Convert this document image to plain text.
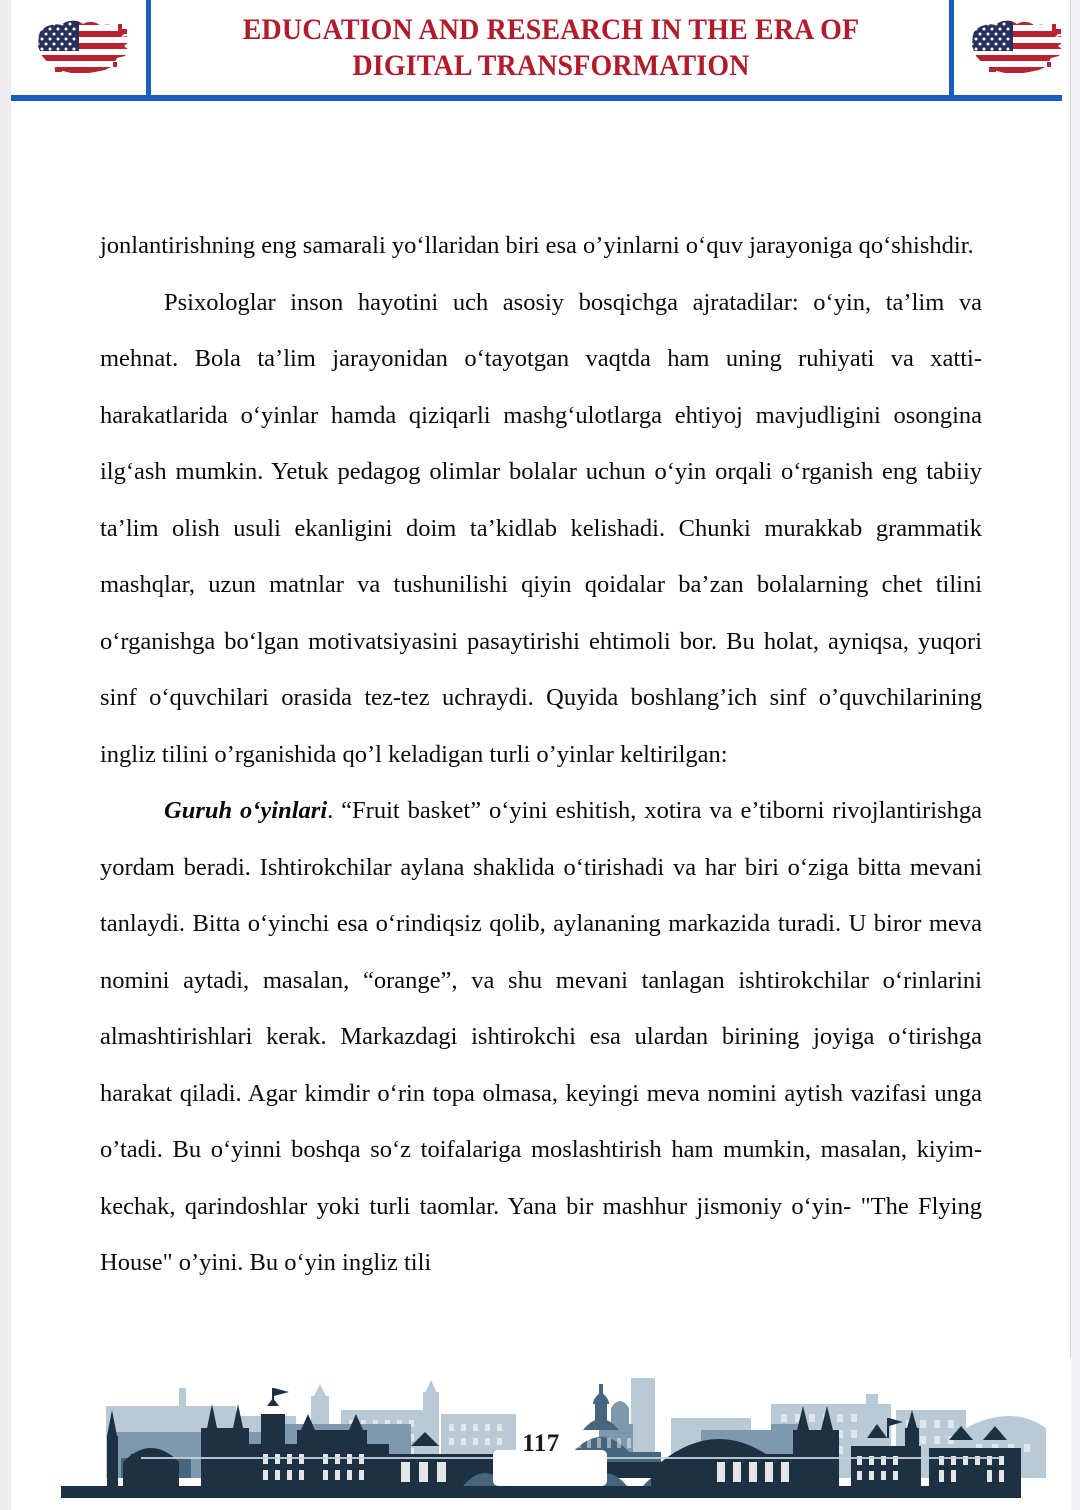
EDUCATION AND RESEARCH IN THE ERA OF
DIGITAL TRANSFORMATION

jonlantirishning eng samarali yo‘llaridan biri esa o’yinlarni o‘quv jarayoniga qo‘shishdir.

Psixologlar inson hayotini uch asosiy bosqichga ajratadilar: o‘yin, ta’lim va mehnat. Bola ta’lim jarayonidan o‘tayotgan vaqtda ham uning ruhiyati va xatti-harakatlarida o‘yinlar hamda qiziqarli mashg‘ulotlarga ehtiyoj mavjudligini osongina ilg‘ash mumkin. Yetuk pedagog olimlar bolalar uchun o‘yin orqali o‘rganish eng tabiiy ta’lim olish usuli ekanligini doim ta’kidlab kelishadi. Chunki murakkab grammatik mashqlar, uzun matnlar va tushunilishi qiyin qoidalar ba’zan bolalarning chet tilini o‘rganishga bo‘lgan motivatsiyasini pasaytirishi ehtimoli bor. Bu holat, ayniqsa, yuqori sinf o‘quvchilari orasida tez-tez uchraydi. Quyida boshlang’ich sinf o’quvchilarining ingliz tilini o’rganishida qo’l keladigan turli o’yinlar keltirilgan:

Guruh o‘yinlari. “Fruit basket” o‘yini eshitish, xotira va e’tiborni rivojlantirishga yordam beradi. Ishtirokchilar aylana shaklida o‘tirishadi va har biri o‘ziga bitta mevani tanlaydi. Bitta o‘yinchi esa o‘rindiqsiz qolib, aylananing markazida turadi. U biror meva nomini aytadi, masalan, “orange”, va shu mevani tanlagan ishtirokchilar o‘rinlarini almashtirishlari kerak. Markazdagi ishtirokchi esa ulardan birining joyiga o‘tirishga harakat qiladi. Agar kimdir o‘rin topa olmasa, keyingi meva nomini aytish vazifasi unga o’tadi. Bu o‘yinni boshqa so‘z toifalariga moslashtirish ham mumkin, masalan, kiyim-kechak, qarindoshlar yoki turli taomlar. Yana bir mashhur jismoniy o‘yin- "The Flying House" o’yini. Bu o‘yin ingliz tili

117
